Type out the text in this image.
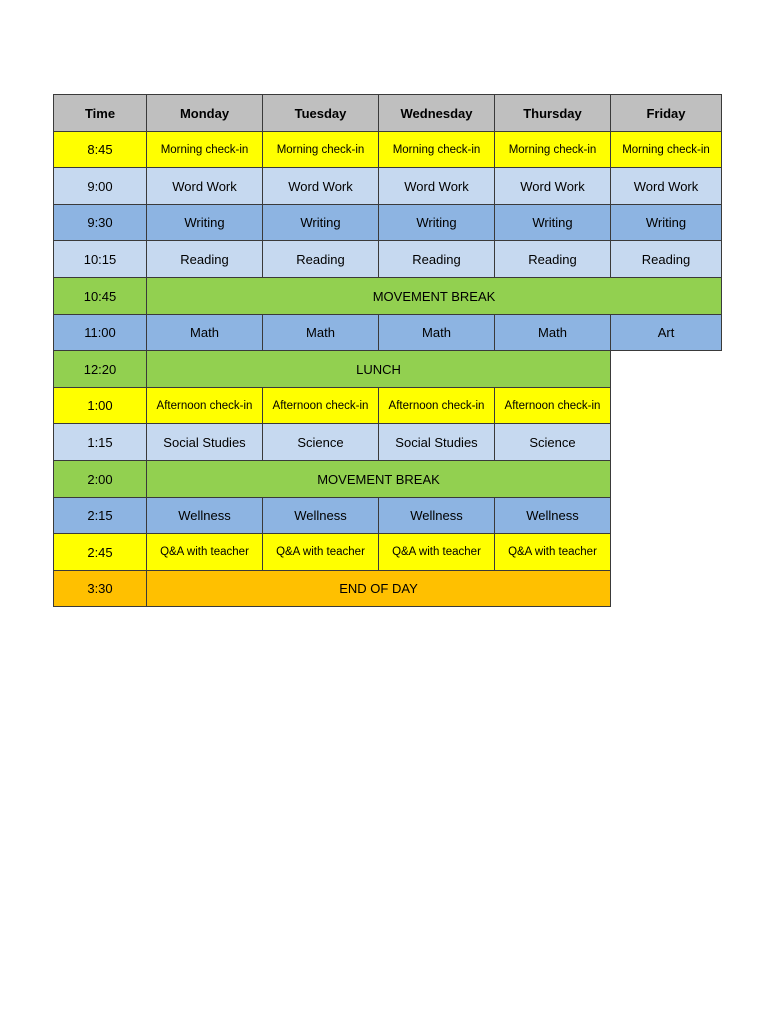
Time	Monday	Tuesday	Wednesday	Thursday	Friday
8:45	Morning check-in	Morning check-in	Morning check-in	Morning check-in	Morning check-in
9:00	Word Work	Word Work	Word Work	Word Work	Word Work
9:30	Writing	Writing	Writing	Writing	Writing
10:15	Reading	Reading	Reading	Reading	Reading
10:45	MOVEMENT BREAK
11:00	Math	Math	Math	Math	Art
12:20	LUNCH
1:00	Afternoon check-in	Afternoon check-in	Afternoon check-in	Afternoon check-in
1:15	Social Studies	Science	Social Studies	Science
2:00	MOVEMENT BREAK
2:15	Wellness	Wellness	Wellness	Wellness
2:45	Q&A with teacher	Q&A with teacher	Q&A with teacher	Q&A with teacher
3:30	END OF DAY
